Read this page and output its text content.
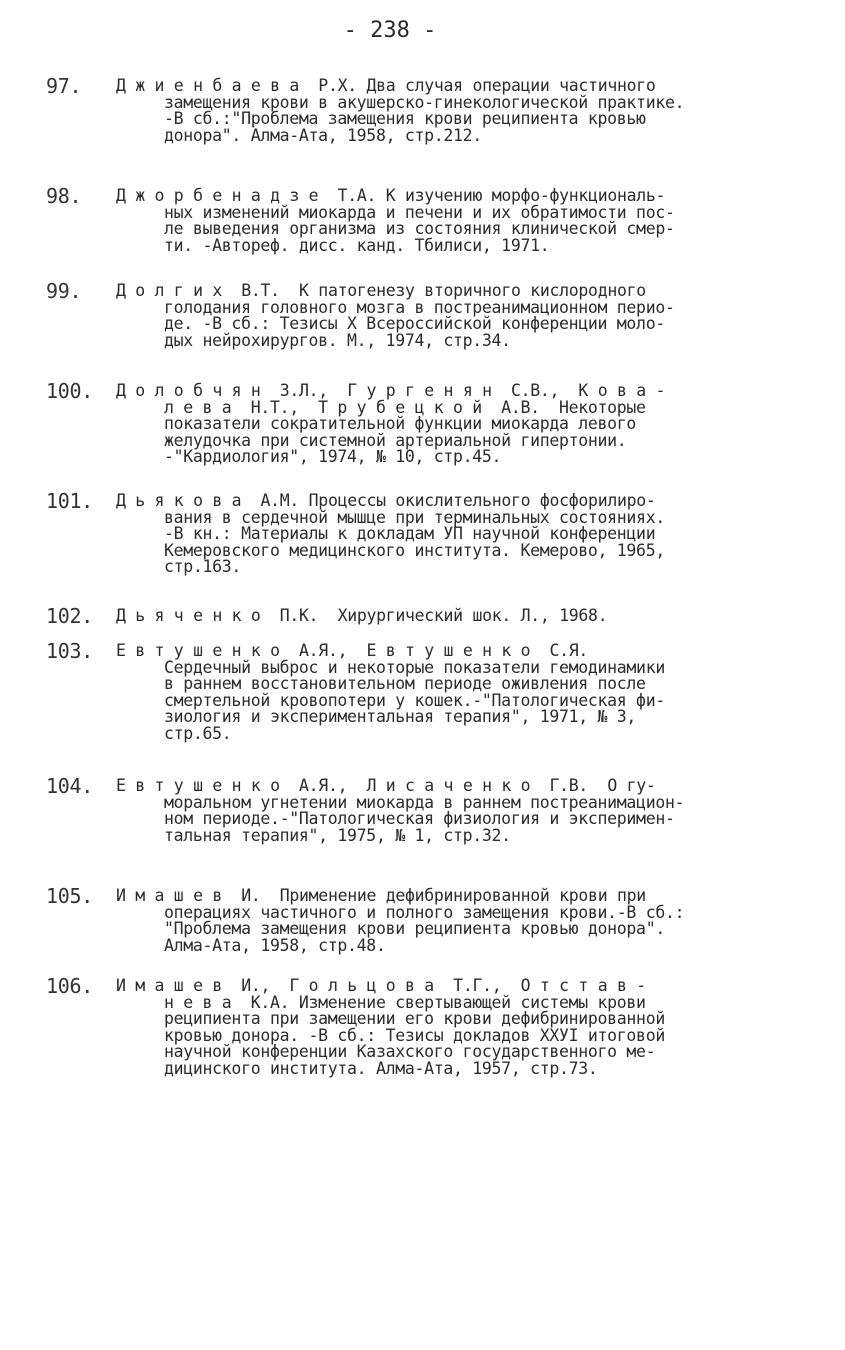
- 238 -
97. Д ж и е н б а е в а  Р.Х. Два случая операции частичного
замещения крови в акушерско-гинекологической практике.
-В сб.:"Проблема замещения крови реципиента кровью
донора". Алма-Ата, 1958, стр.212.
98. Д ж о р б е н а д з е  Т.А. К изучению морфо-функциональ-
ных изменений миокарда и печени и их обратимости пос-
ле выведения организма из состояния клинической смер-
ти. -Автореф. дисс. канд. Тбилиси, 1971.
99. Д о л г и х  В.Т.  К патогенезу вторичного кислородного
голодания головного мозга в постреанимационном перио-
де. -В сб.: Тезисы X Всероссийской конференции моло-
дых нейрохирургов. М., 1974, стр.34.
100. Д о л о б ч я н  З.Л.,  Г у р г е н я н  С.В.,  К о в а -
л е в а  Н.Т.,  Т р у б е ц к о й  А.В.  Некоторые
показатели сократительной функции миокарда левого
желудочка при системной артериальной гипертонии.
-"Кардиология", 1974, № 10, стр.45.
101. Д ь я к о в а  А.М. Процессы окислительного фосфорилиро-
вания в сердечной мышце при терминальных состояниях.
-В кн.: Материалы к докладам УП научной конференции
Кемеровского медицинского института. Кемерово, 1965,
стр.163.
102. Д ь я ч е н к о  П.К.  Хирургический шок. Л., 1968.
103. Е в т у ш е н к о  А.Я.,  Е в т у ш е н к о  С.Я.
Сердечный выброс и некоторые показатели гемодинамики
в раннем восстановительном периоде оживления после
смертельной кровопотери у кошек.-"Патологическая фи-
зиология и экспериментальная терапия", 1971, № 3,
стр.65.
104. Е в т у ш е н к о  А.Я.,  Л и с а ч е н к о  Г.В.  О гу-
моральном угнетении миокарда в раннем постреанимацион-
ном периоде.-"Патологическая физиология и эксперимен-
тальная терапия", 1975, № 1, стр.32.
105. И м а ш е в  И.  Применение дефибринированной крови при
операциях частичного и полного замещения крови.-В сб.:
"Проблема замещения крови реципиента кровью донора".
Алма-Ата, 1958, стр.48.
106. И м а ш е в  И.,  Г о л ь ц о в а  Т.Г.,  О т с т а в -
н е в а  К.А. Изменение свертывающей системы крови
реципиента при замещении его крови дефибринированной
кровью донора. -В сб.: Тезисы докладов XXУI итоговой
научной конференции Казахского государственного ме-
дицинского института. Алма-Ата, 1957, стр.73.
